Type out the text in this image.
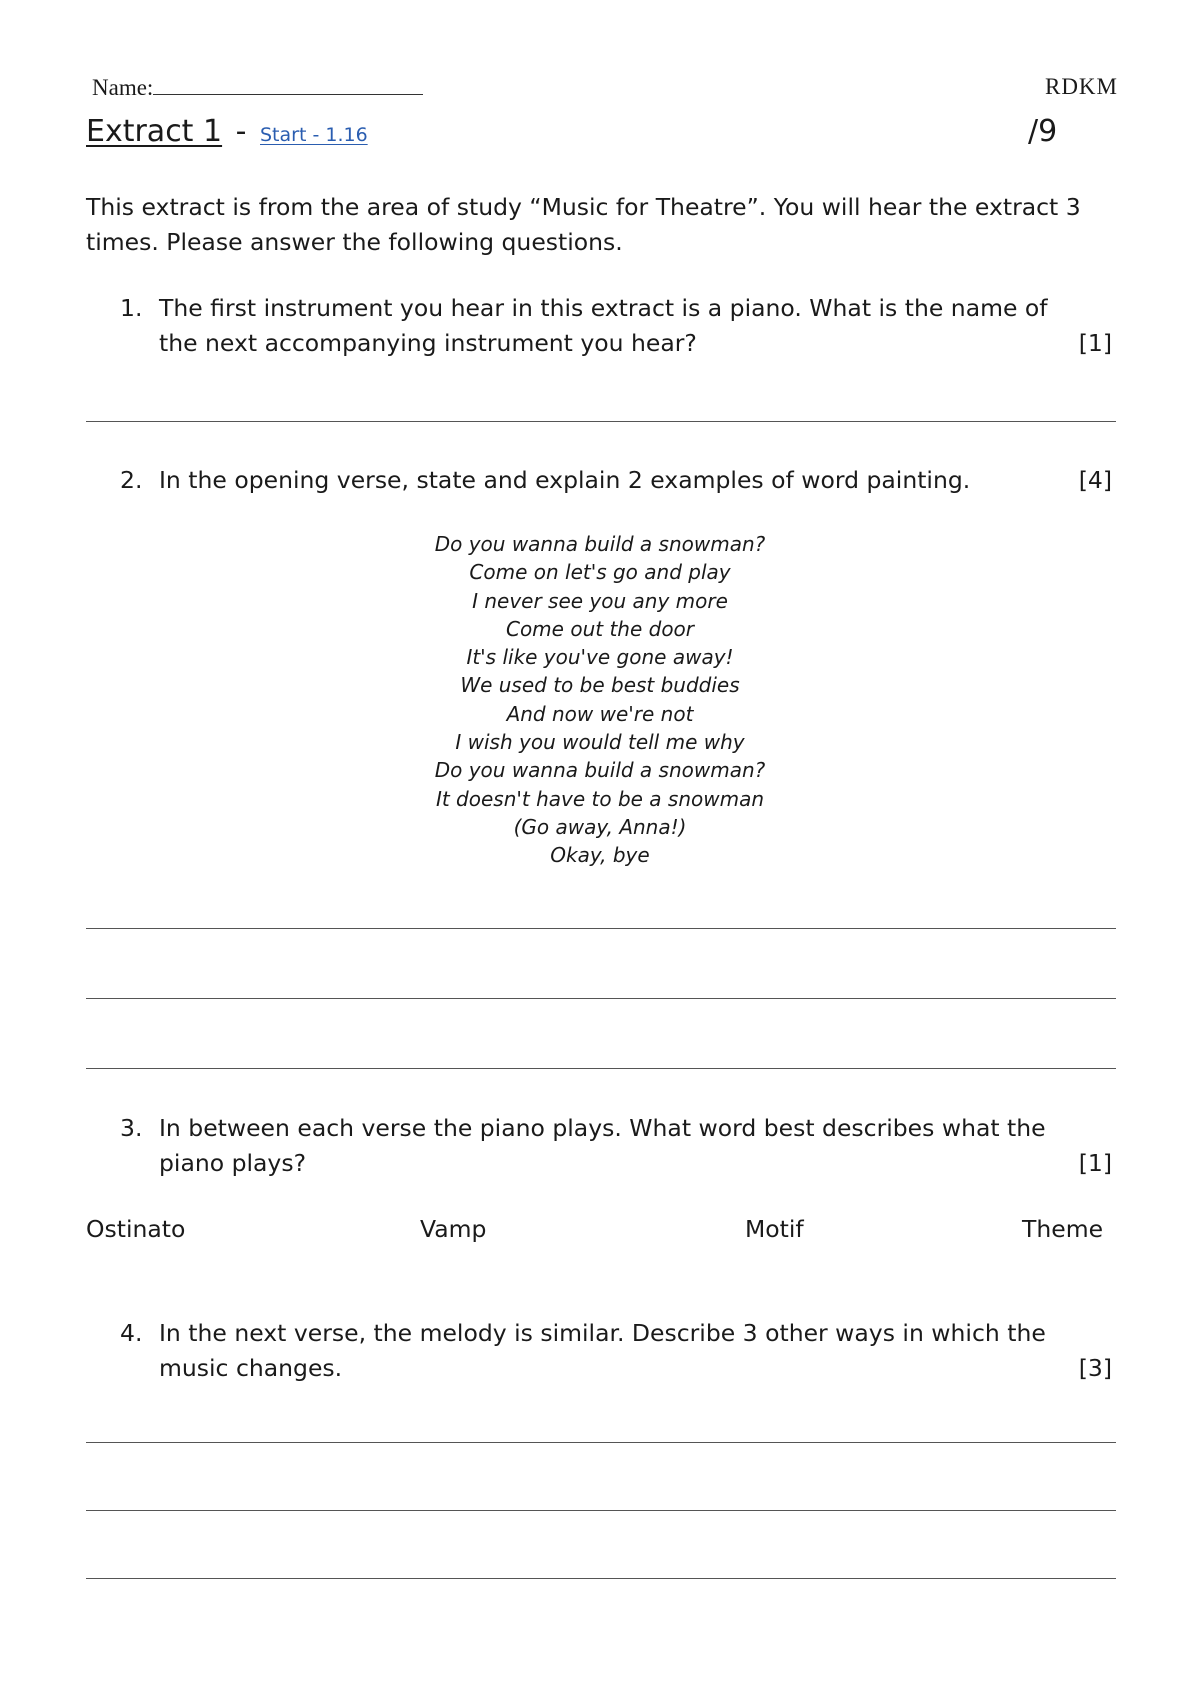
Name:	RDKM
Extract 1 - Start - 1.16	/9
This extract is from the area of study “Music for Theatre”. You will hear the extract 3 times. Please answer the following questions.
1. The first instrument you hear in this extract is a piano. What is the name of
the next accompanying instrument you hear?	[1]
2. In the opening verse, state and explain 2 examples of word painting.	[4]
Do you wanna build a snowman?
Come on let's go and play
I never see you any more
Come out the door
It's like you've gone away!
We used to be best buddies
And now we're not
I wish you would tell me why
Do you wanna build a snowman?
It doesn't have to be a snowman
(Go away, Anna!)
Okay, bye
3. In between each verse the piano plays. What word best describes what the
piano plays?	[1]
Ostinato	Vamp	Motif	Theme
4. In the next verse, the melody is similar. Describe 3 other ways in which the
music changes.	[3]
